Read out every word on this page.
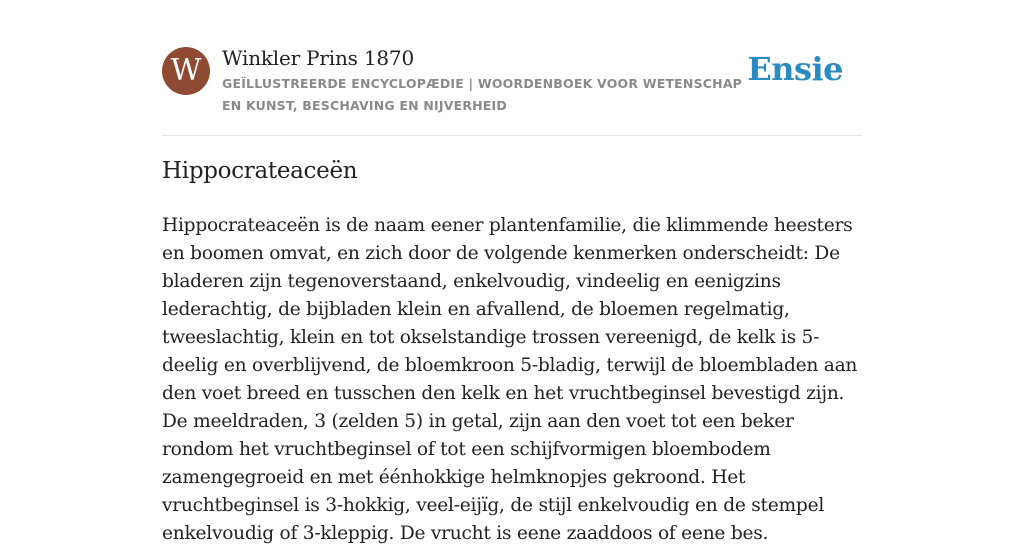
W	Winkler Prins 1870
GEÏLLUSTREERDE ENCYCLOPÆDIE | WOORDENBOEK VOOR WETENSCHAP EN KUNST, BESCHAVING EN NIJVERHEID
Ensie
Hippocrateaceën

Hippocrateaceën is de naam eener plantenfamilie, die klimmende heesters en boomen omvat, en zich door de volgende kenmerken onderscheidt: De bladeren zijn tegenoverstaand, enkelvoudig, vindeelig en eenigzins lederachtig, de bijbladen klein en afvallend, de bloemen regelmatig, tweeslachtig, klein en tot okselstandige trossen vereenigd, de kelk is 5-deelig en overblijvend, de bloemkroon 5-bladig, terwijl de bloembladen aan den voet breed en tusschen den kelk en het vruchtbeginsel bevestigd zijn. De meeldraden, 3 (zelden 5) in getal, zijn aan den voet tot een beker rondom het vruchtbeginsel of tot een schijfvormigen bloembodem zamengegroeid en met éénhokkige helmknopjes gekroond. Het vruchtbeginsel is 3-hokkig, veel-eijïg, de stijl enkelvoudig en de stempel enkelvoudig of 3-kleppig. De vrucht is eene zaaddoos of eene bes.
